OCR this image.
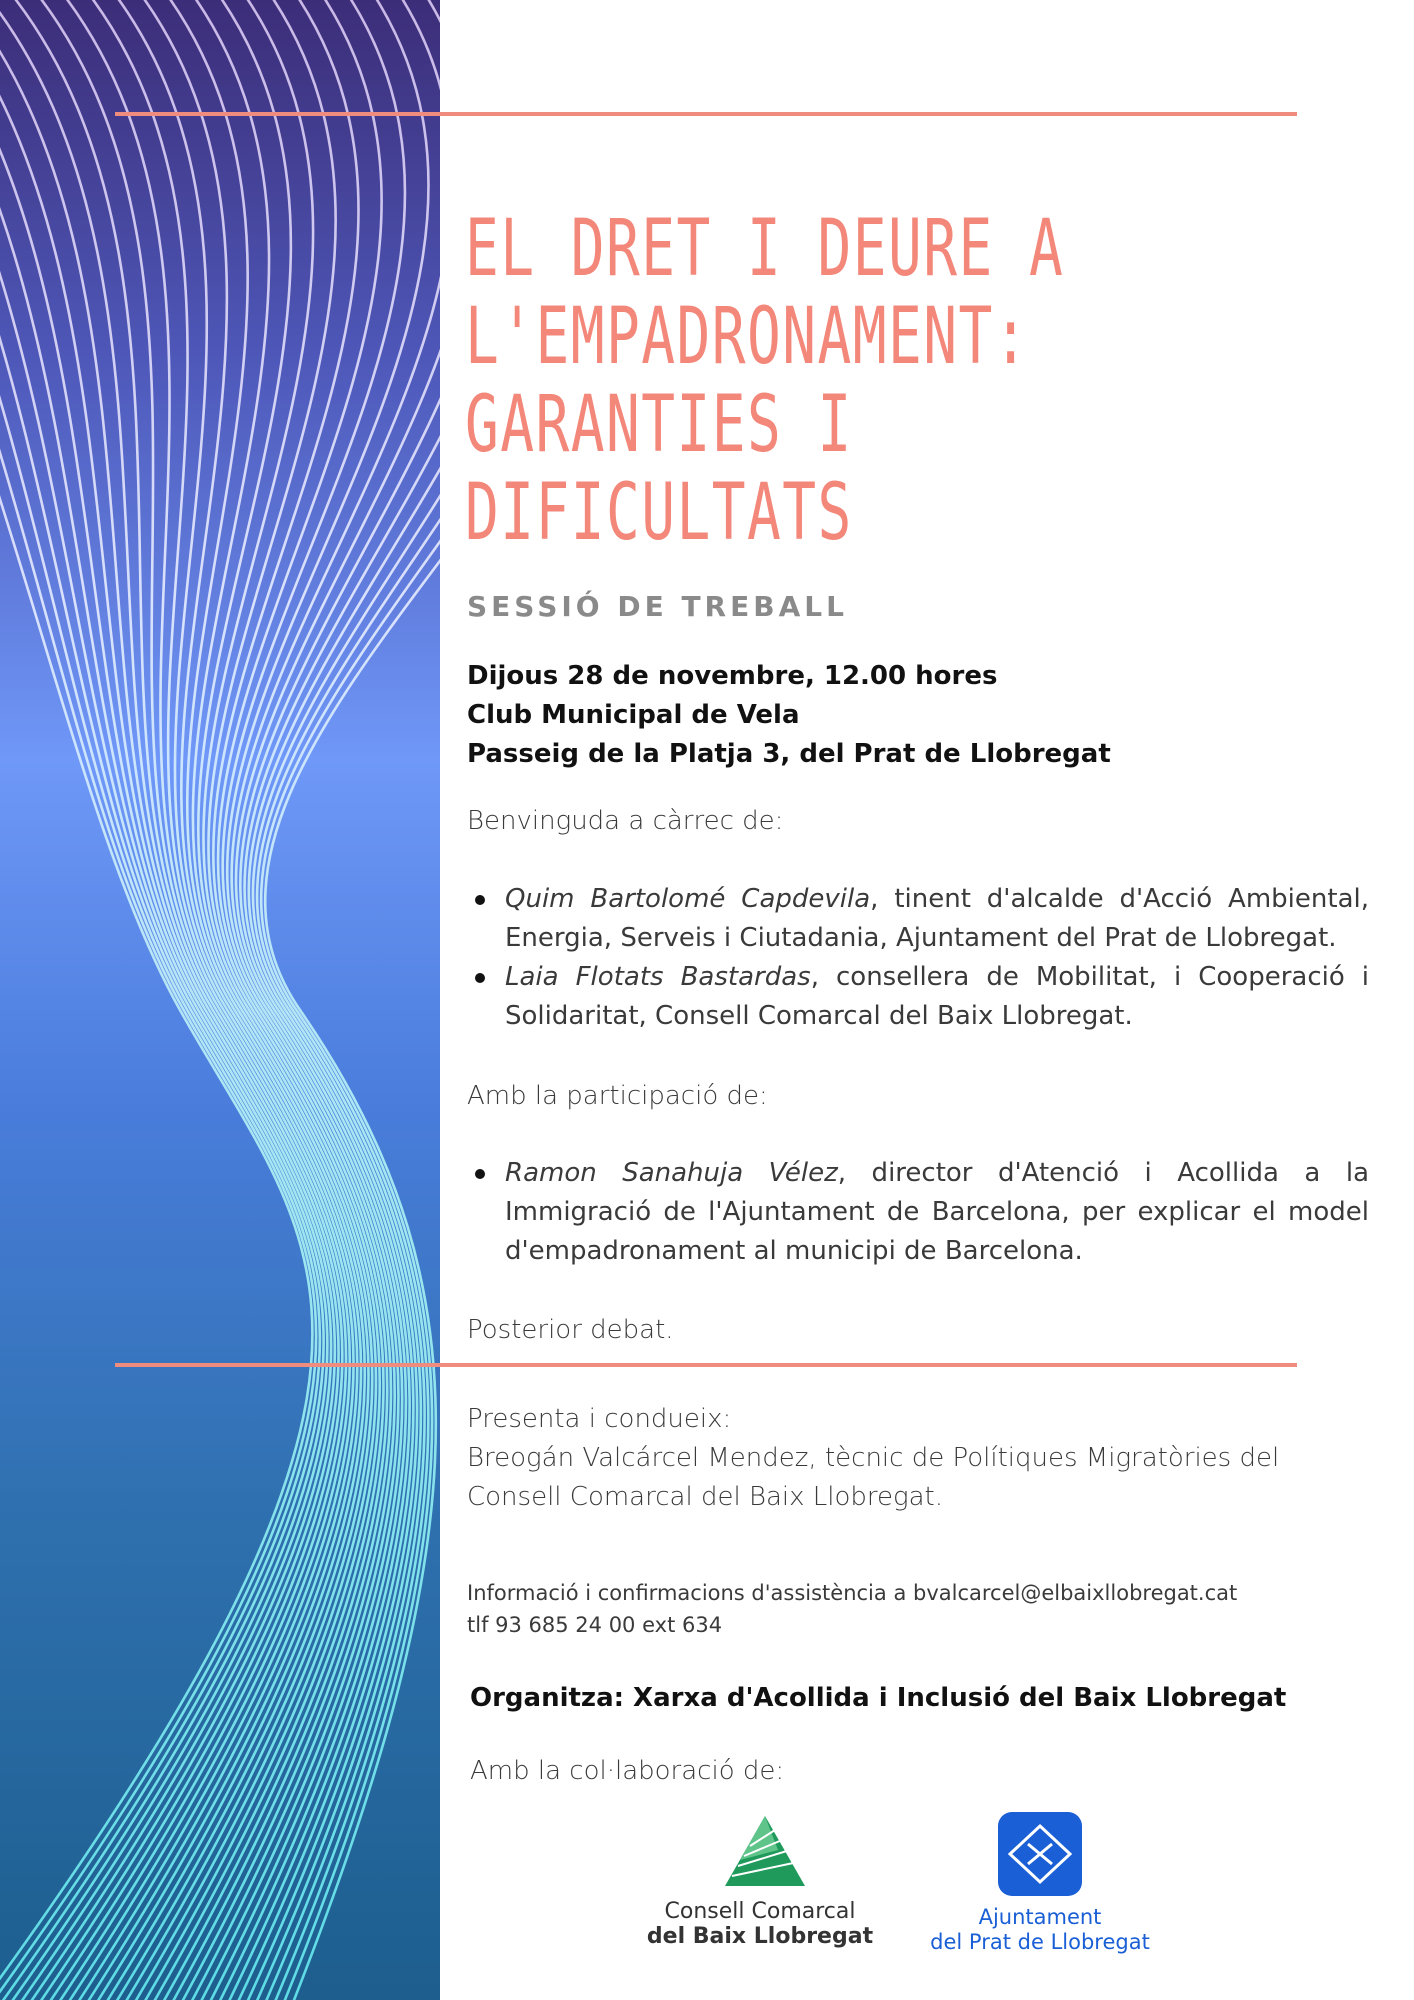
EL DRET I DEURE A L'EMPADRONAMENT: GARANTIES I DIFICULTATS
SESSIÓ DE TREBALL
Dijous 28 de novembre, 12.00 hores
Club Municipal de Vela
Passeig de la Platja 3, del Prat de Llobregat

Benvinguda a càrrec de:

Quim Bartolomé Capdevila, tinent d'alcalde d'Acció Ambiental, Energia, Serveis i Ciutadania, Ajuntament del Prat de Llobregat.
Laia Flotats Bastardas, consellera de Mobilitat, i Cooperació i Solidaritat, Consell Comarcal del Baix Llobregat.

Amb la participació de:

Ramon Sanahuja Vélez, director d'Atenció i Acollida a la Immigració de l'Ajuntament de Barcelona, per explicar el model d'empadronament al municipi de Barcelona.

Posterior debat.

Presenta i condueix:

Breogán Valcárcel Mendez, tècnic de Polítiques Migratòries del Consell Comarcal del Baix Llobregat.

Informació i confirmacions d'assistència a bvalcarcel@elbaixllobregat.cat
tlf 93 685 24 00 ext 634
Organitza: Xarxa d'Acollida i Inclusió del Baix Llobregat

Amb la col·laboració de:

Consell Comarcal
del Baix Llobregat
Ajuntament
del Prat de Llobregat
